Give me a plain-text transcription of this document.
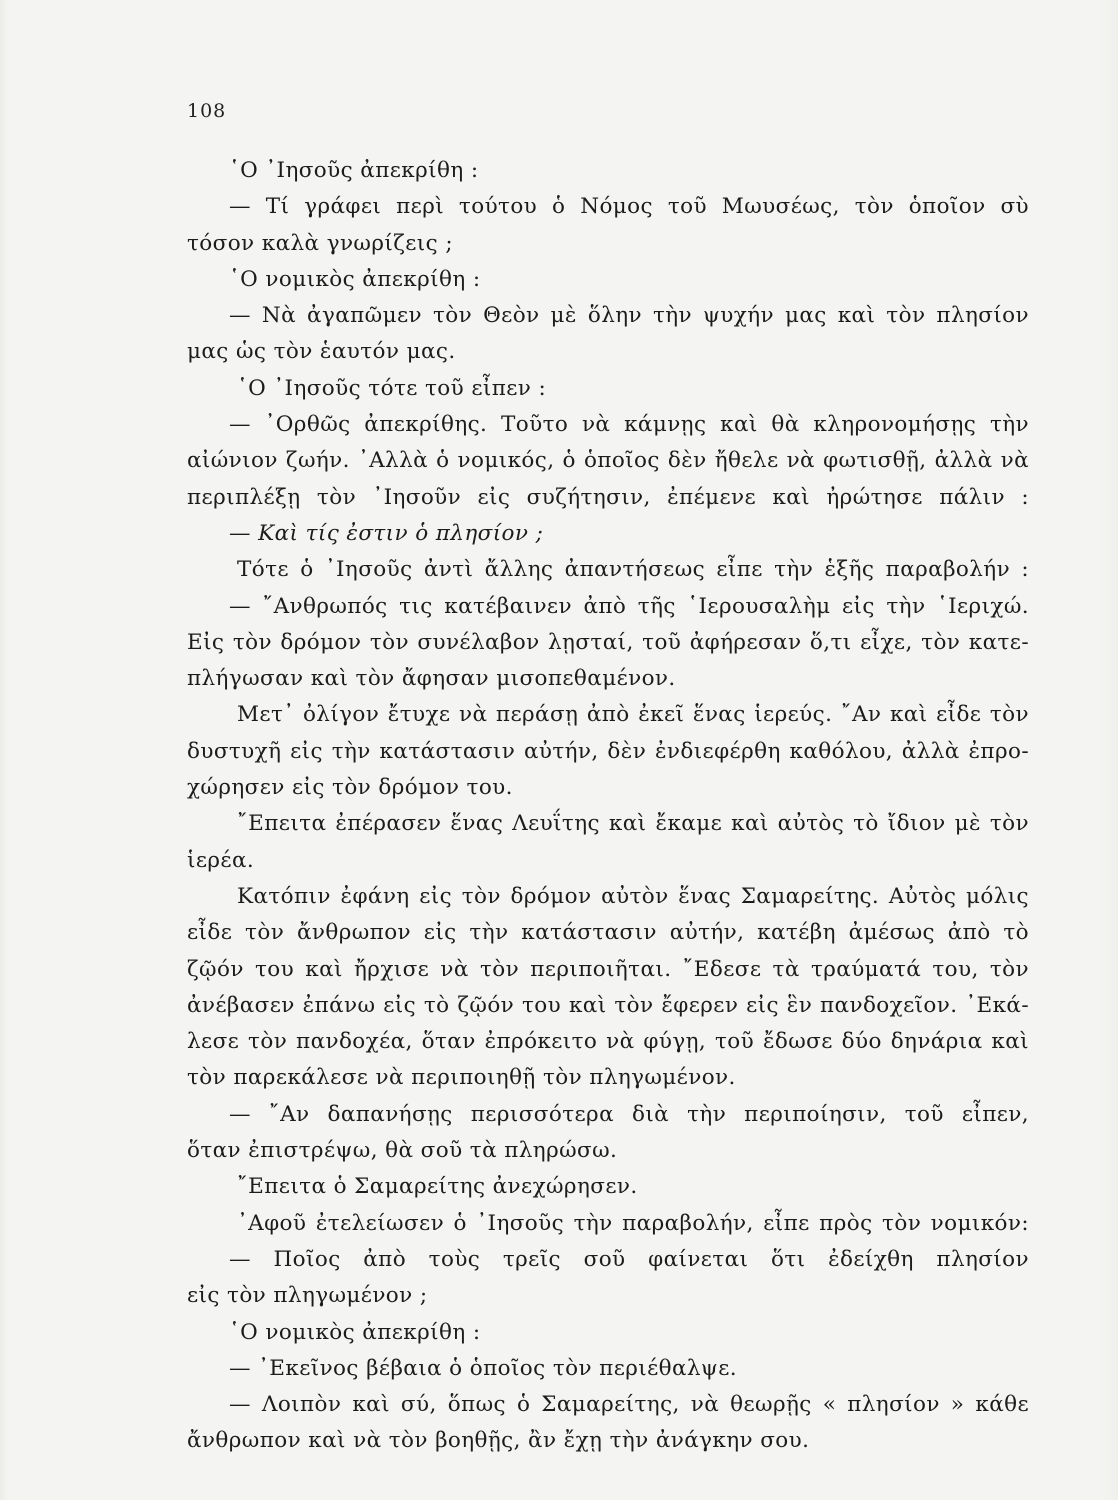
108
῾Ο ᾿Ιησοῦς ἀπεκρίθη :
— Τί γράφει περὶ τούτου ὁ Νόμος τοῦ Μωυσέως, τὸν ὁποῖον σὺ
τόσον καλὰ γνωρίζεις ;
῾Ο νομικὸς ἀπεκρίθη :
— Νὰ ἀγαπῶμεν τὸν Θεὸν μὲ ὅλην τὴν ψυχήν μας καὶ τὸν πλησίον
μας ὡς τὸν ἑαυτόν μας.
῾Ο ᾿Ιησοῦς τότε τοῦ εἶπεν :
— ᾿Ορθῶς ἀπεκρίθης. Τοῦτο νὰ κάμνῃς καὶ θὰ κληρονομήσῃς τὴν
αἰώνιον ζωήν. ᾿Αλλὰ ὁ νομικός, ὁ ὁποῖος δὲν ἤθελε νὰ φωτισθῇ, ἀλλὰ νὰ
περιπλέξῃ τὸν ᾿Ιησοῦν εἰς συζήτησιν, ἐπέμενε καὶ ἠρώτησε πάλιν :
— Καὶ τίς ἐστιν ὁ πλησίον ;
Τότε ὁ ᾿Ιησοῦς ἀντὶ ἄλλης ἀπαντήσεως εἶπε τὴν ἑξῆς παραβολήν :
— ῎Ανθρωπός τις κατέβαινεν ἀπὸ τῆς ῾Ιερουσαλὴμ εἰς τὴν ῾Ιεριχώ.
Εἰς τὸν δρόμον τὸν συνέλαβον λῃσταί, τοῦ ἀφήρεσαν ὅ,τι εἶχε, τὸν κατε-
πλήγωσαν καὶ τὸν ἄφησαν μισοπεθαμένον.
Μετ᾿ ὀλίγον ἔτυχε νὰ περάσῃ ἀπὸ ἐκεῖ ἕνας ἱερεύς. ῎Αν καὶ εἶδε τὸν
δυστυχῆ εἰς τὴν κατάστασιν αὐτήν, δὲν ἐνδιεφέρθη καθόλου, ἀλλὰ ἐπρο-
χώρησεν εἰς τὸν δρόμον του.
῎Επειτα ἐπέρασεν ἕνας Λευΐτης καὶ ἔκαμε καὶ αὐτὸς τὸ ἴδιον μὲ τὸν
ἱερέα.
Κατόπιν ἐφάνη εἰς τὸν δρόμον αὐτὸν ἕνας Σαμαρείτης. Αὐτὸς μόλις
εἶδε τὸν ἄνθρωπον εἰς τὴν κατάστασιν αὐτήν, κατέβη ἀμέσως ἀπὸ τὸ
ζῷόν του καὶ ἤρχισε νὰ τὸν περιποιῆται. ῎Εδεσε τὰ τραύματά του, τὸν
ἀνέβασεν ἐπάνω εἰς τὸ ζῷόν του καὶ τὸν ἔφερεν εἰς ἓν πανδοχεῖον. ᾿Εκά-
λεσε τὸν πανδοχέα, ὅταν ἐπρόκειτο νὰ φύγῃ, τοῦ ἔδωσε δύο δηνάρια καὶ
τὸν παρεκάλεσε νὰ περιποιηθῇ τὸν πληγωμένον.
— ῎Αν δαπανήσῃς περισσότερα διὰ τὴν περιποίησιν, τοῦ εἶπεν,
ὅταν ἐπιστρέψω, θὰ σοῦ τὰ πληρώσω.
῎Επειτα ὁ Σαμαρείτης ἀνεχώρησεν.
᾿Αφοῦ ἐτελείωσεν ὁ ᾿Ιησοῦς τὴν παραβολήν, εἶπε πρὸς τὸν νομικόν:
— Ποῖος ἀπὸ τοὺς τρεῖς σοῦ φαίνεται ὅτι ἐδείχθη πλησίον
εἰς τὸν πληγωμένον ;
῾Ο νομικὸς ἀπεκρίθη :
— ᾿Εκεῖνος βέβαια ὁ ὁποῖος τὸν περιέθαλψε.
— Λοιπὸν καὶ σύ, ὅπως ὁ Σαμαρείτης, νὰ θεωρῇς « πλησίον » κάθε
ἄνθρωπον καὶ νὰ τὸν βοηθῇς, ἂν ἔχῃ τὴν ἀνάγκην σου.
